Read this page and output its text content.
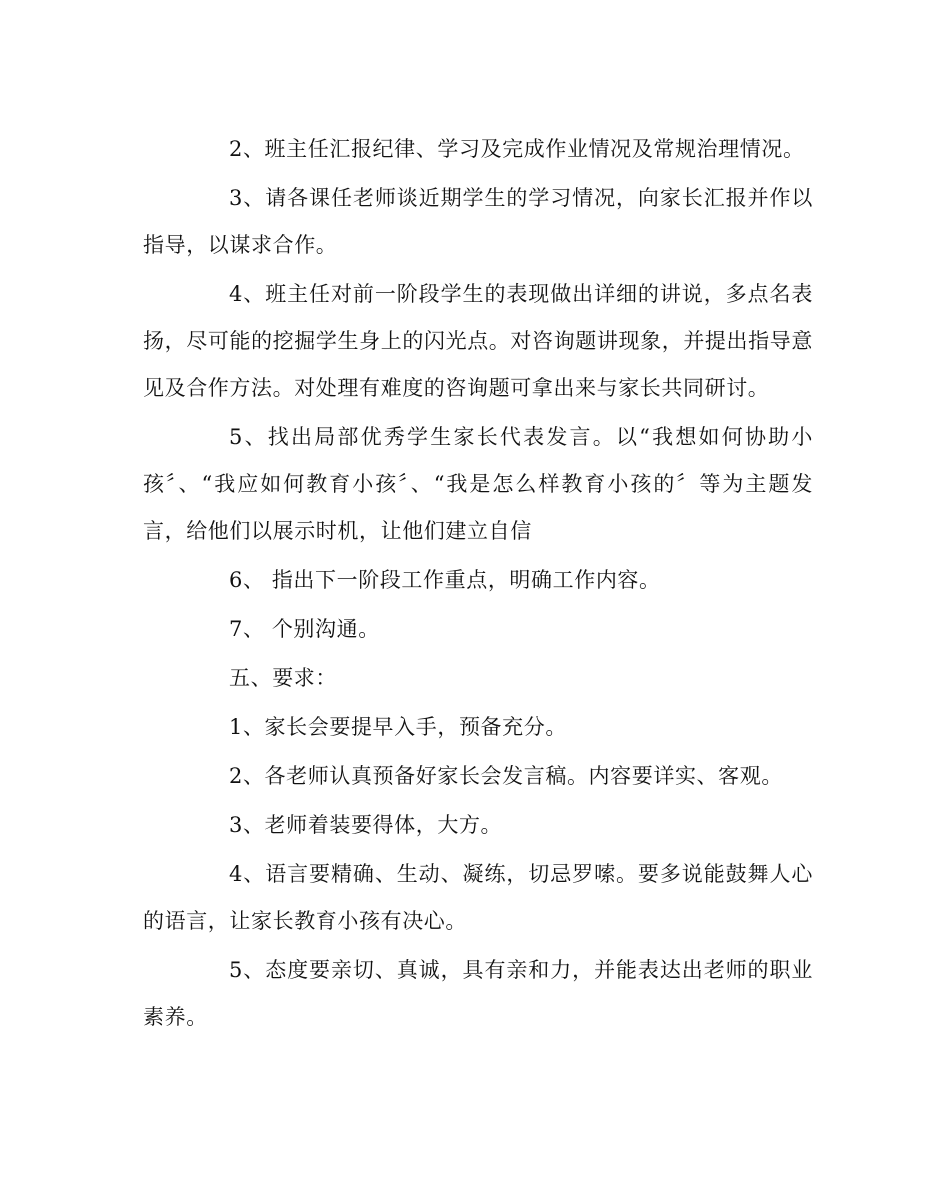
2、班主任汇报纪律、学习及完成作业情况及常规治理情况。

3、请各课任老师谈近期学生的学习情况，向家长汇报并作以指导，以谋求合作。

4、班主任对前一阶段学生的表现做出详细的讲说，多点名表扬，尽可能的挖掘学生身上的闪光点。对咨询题讲现象，并提出指导意见及合作方法。对处理有难度的咨询题可拿出来与家长共同研讨。

5、找出局部优秀学生家长代表发言。以“我想如何协助小孩〞、“我应如何教育小孩〞、“我是怎么样教育小孩的〞等为主题发言，给他们以展示时机，让他们建立自信

6、 指出下一阶段工作重点，明确工作内容。

7、 个别沟通。

五、要求：

1、家长会要提早入手，预备充分。

2、各老师认真预备好家长会发言稿。内容要详实、客观。

3、老师着装要得体，大方。

4、语言要精确、生动、凝练，切忌罗嗦。要多说能鼓舞人心的语言，让家长教育小孩有决心。

5、态度要亲切、真诚，具有亲和力，并能表达出老师的职业素养。
